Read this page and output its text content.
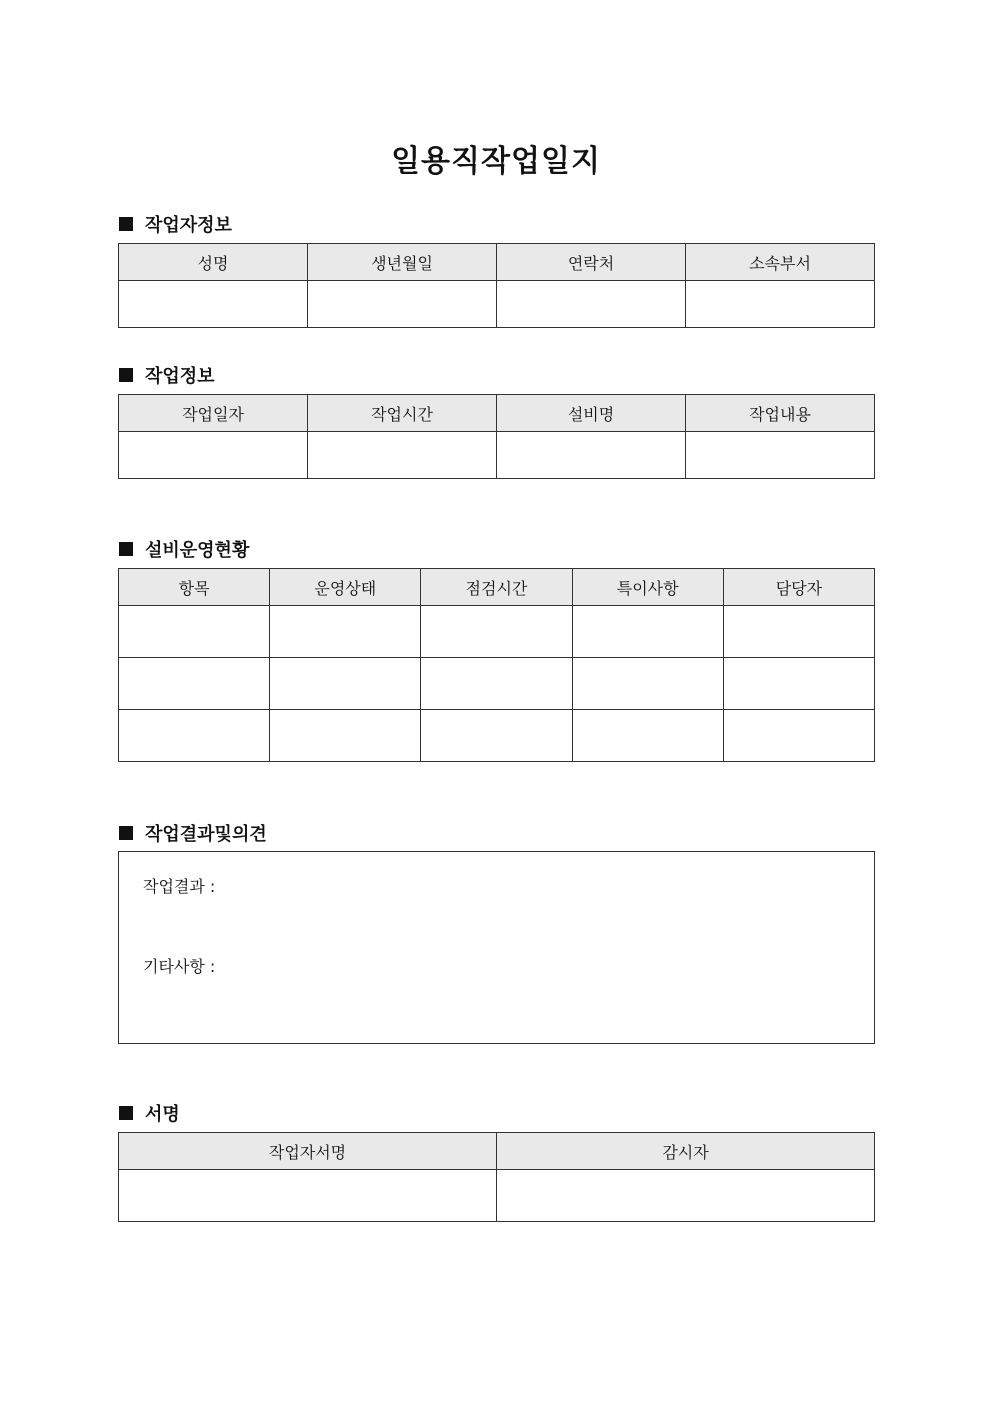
일용직작업일지
작업자정보
성명	생년월일	연락처	소속부서

작업정보
작업일자	작업시간	설비명	작업내용

설비운영현황
항목	운영상태	점검시간	특이사항	담당자

작업결과및의견
작업결과 :
기타사항 :
서명
작업자서명	감시자
